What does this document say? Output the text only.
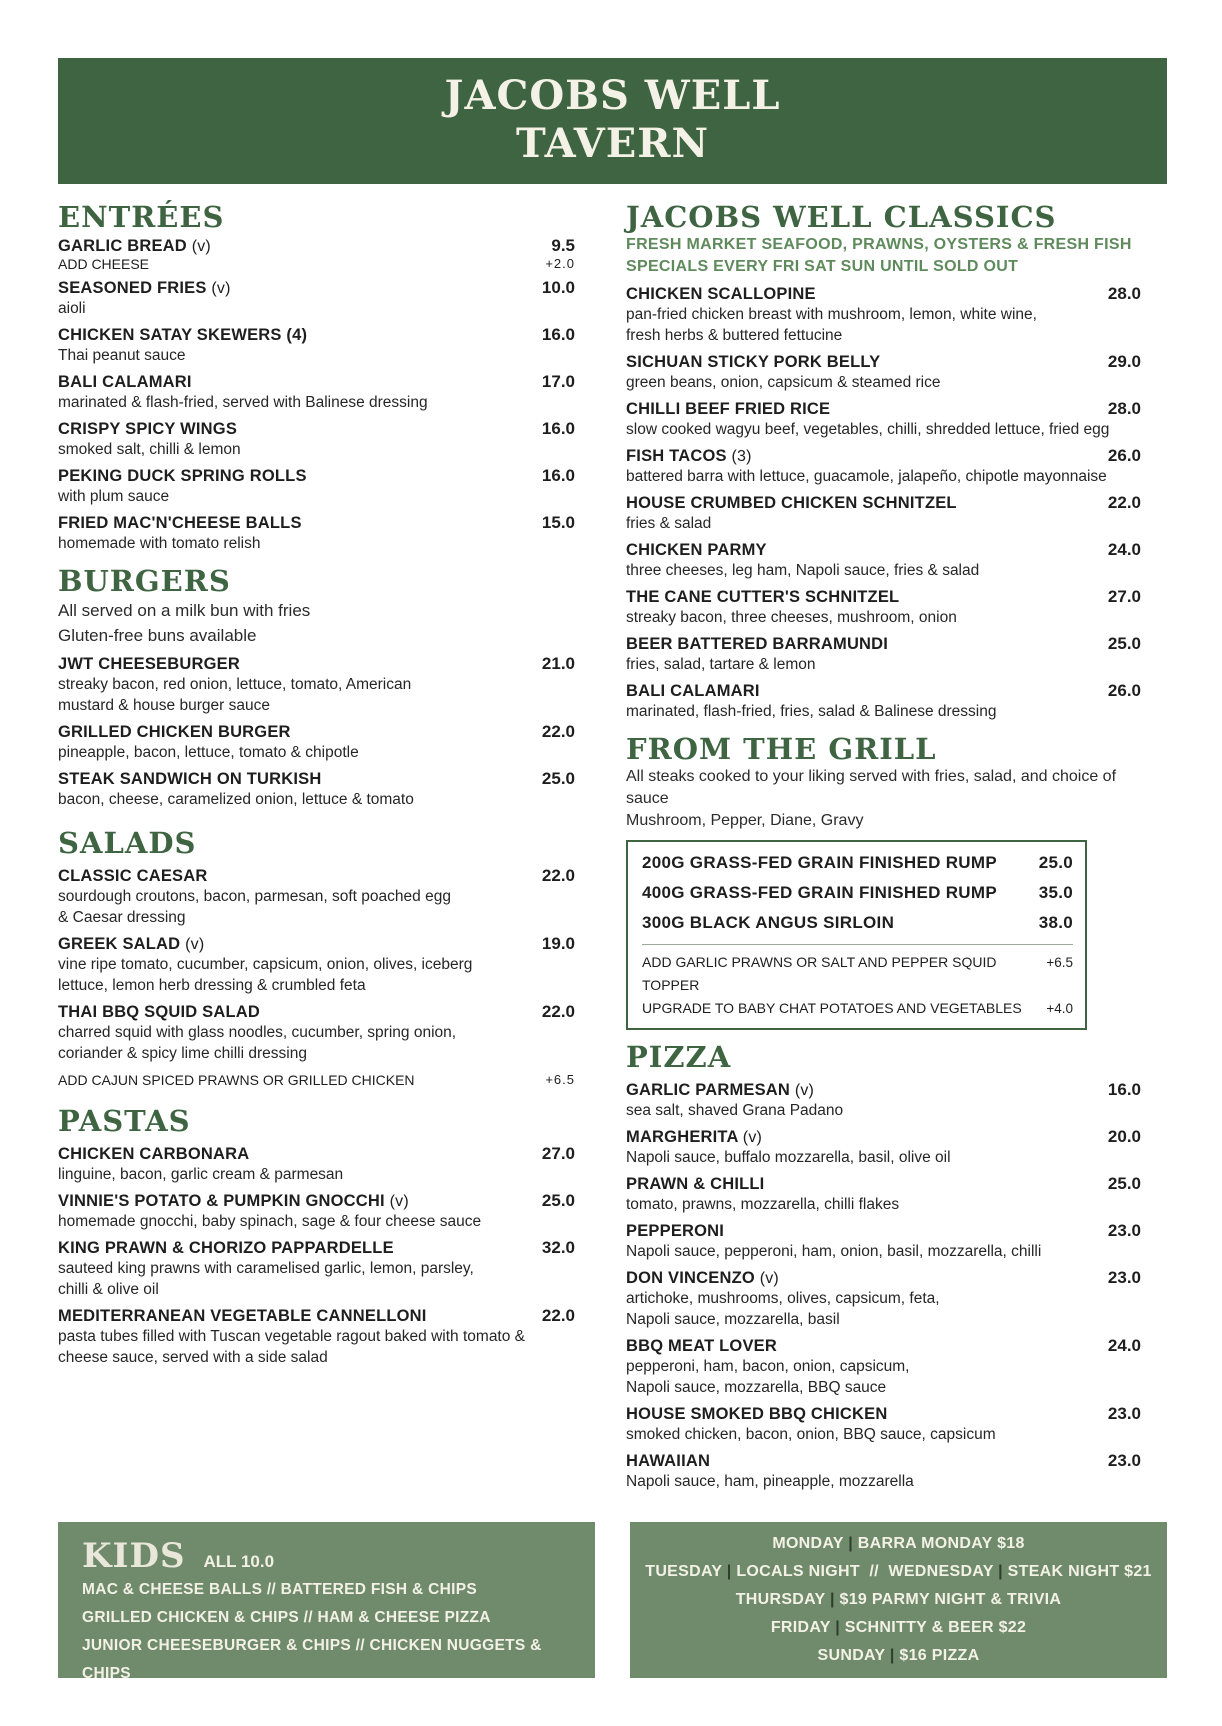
JACOBS WELL
TAVERN
ENTRÉES
GARLIC BREAD (v)	9.5
ADD CHEESE	+2.0
SEASONED FRIES (v)	10.0
aioli
CHICKEN SATAY SKEWERS (4)	16.0
Thai peanut sauce
BALI CALAMARI	17.0
marinated & flash-fried, served with Balinese dressing
CRISPY SPICY WINGS	16.0
smoked salt, chilli & lemon
PEKING DUCK SPRING ROLLS	16.0
with plum sauce
FRIED MAC'N'CHEESE BALLS	15.0
homemade with tomato relish
BURGERS
All served on a milk bun with fries
Gluten-free buns available
JWT CHEESEBURGER	21.0
streaky bacon, red onion, lettuce, tomato, American mustard & house burger sauce
GRILLED CHICKEN BURGER	22.0
pineapple, bacon, lettuce, tomato & chipotle
STEAK SANDWICH ON TURKISH	25.0
bacon, cheese, caramelized onion, lettuce & tomato
SALADS
CLASSIC CAESAR	22.0
sourdough croutons, bacon, parmesan, soft poached egg & Caesar dressing
GREEK SALAD (v)	19.0
vine ripe tomato, cucumber, capsicum, onion, olives, iceberg lettuce, lemon herb dressing & crumbled feta
THAI BBQ SQUID SALAD	22.0
charred squid with glass noodles, cucumber, spring onion, coriander & spicy lime chilli dressing
ADD CAJUN SPICED PRAWNS OR GRILLED CHICKEN	+6.5
PASTAS
CHICKEN CARBONARA	27.0
linguine, bacon, garlic cream & parmesan
VINNIE'S POTATO & PUMPKIN GNOCCHI (v)	25.0
homemade gnocchi, baby spinach, sage & four cheese sauce
KING PRAWN & CHORIZO PAPPARDELLE	32.0
sauteed king prawns with caramelised garlic, lemon, parsley, chilli & olive oil
MEDITERRANEAN VEGETABLE CANNELLONI	22.0
pasta tubes filled with Tuscan vegetable ragout baked with tomato & cheese sauce, served with a side salad
JACOBS WELL CLASSICS
FRESH MARKET SEAFOOD, PRAWNS, OYSTERS & FRESH FISH
SPECIALS EVERY FRI SAT SUN UNTIL SOLD OUT
CHICKEN SCALLOPINE	28.0
pan-fried chicken breast with mushroom, lemon, white wine, fresh herbs & buttered fettucine
SICHUAN STICKY PORK BELLY	29.0
green beans, onion, capsicum & steamed rice
CHILLI BEEF FRIED RICE	28.0
slow cooked wagyu beef, vegetables, chilli, shredded lettuce, fried egg
FISH TACOS (3)	26.0
battered barra with lettuce, guacamole, jalapeño, chipotle mayonnaise
HOUSE CRUMBED CHICKEN SCHNITZEL	22.0
fries & salad
CHICKEN PARMY	24.0
three cheeses, leg ham, Napoli sauce, fries & salad
THE CANE CUTTER'S SCHNITZEL	27.0
streaky bacon, three cheeses, mushroom, onion
BEER BATTERED BARRAMUNDI	25.0
fries, salad, tartare & lemon
BALI CALAMARI	26.0
marinated, flash-fried, fries, salad & Balinese dressing
FROM THE GRILL
All steaks cooked to your liking served with fries, salad, and choice of sauce
Mushroom, Pepper, Diane, Gravy
200G GRASS-FED GRAIN FINISHED RUMP 25.0
400G GRASS-FED GRAIN FINISHED RUMP 35.0
300G BLACK ANGUS SIRLOIN	38.0
ADD GARLIC PRAWNS OR SALT AND PEPPER SQUID TOPPER
+6.5
UPGRADE TO BABY CHAT POTATOES AND VEGETABLES +4.0
PIZZA
GARLIC PARMESAN (v)	16.0
sea salt, shaved Grana Padano
MARGHERITA (v)	20.0
Napoli sauce, buffalo mozzarella, basil, olive oil
PRAWN & CHILLI	25.0
tomato, prawns, mozzarella, chilli flakes
PEPPERONI	23.0
Napoli sauce, pepperoni, ham, onion, basil, mozzarella, chilli
DON VINCENZO (v)	23.0
artichoke, mushrooms, olives, capsicum, feta, Napoli sauce, mozzarella, basil
BBQ MEAT LOVER	24.0
pepperoni, ham, bacon, onion, capsicum, Napoli sauce, mozzarella, BBQ sauce
HOUSE SMOKED BBQ CHICKEN	23.0
smoked chicken, bacon, onion, BBQ sauce, capsicum
HAWAIIAN	23.0
Napoli sauce, ham, pineapple, mozzarella
KIDS ALL 10.0
MAC & CHEESE BALLS // BATTERED FISH & CHIPS
GRILLED CHICKEN & CHIPS // HAM & CHEESE PIZZA
JUNIOR CHEESEBURGER & CHIPS // CHICKEN NUGGETS & CHIPS
MONDAY | BARRA MONDAY $18
TUESDAY | LOCALS NIGHT // WEDNESDAY | STEAK NIGHT $21
THURSDAY | $19 PARMY NIGHT & TRIVIA
FRIDAY | SCHNITTY & BEER $22
SUNDAY | $16 PIZZA
